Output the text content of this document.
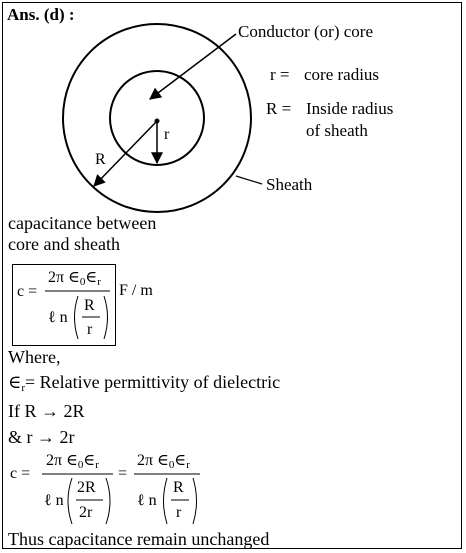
Ans. (d) :
Conductor (or) core
r = core radius
R = Inside radius
of sheath
Sheath
R
r
capacitance between
core and sheath
c =
2π $\in_0\in_r$
ℓ n
R
r
F / m
Where,
$\in_r=$ Relative permittivity of dielectric
If R → 2R
& r → 2r
c =
2π $\in_0\in_r$
ℓ n
2R
2r
=
2π $\in_0\in_r$
ℓ n
R
r
Thus capacitance remain unchanged
